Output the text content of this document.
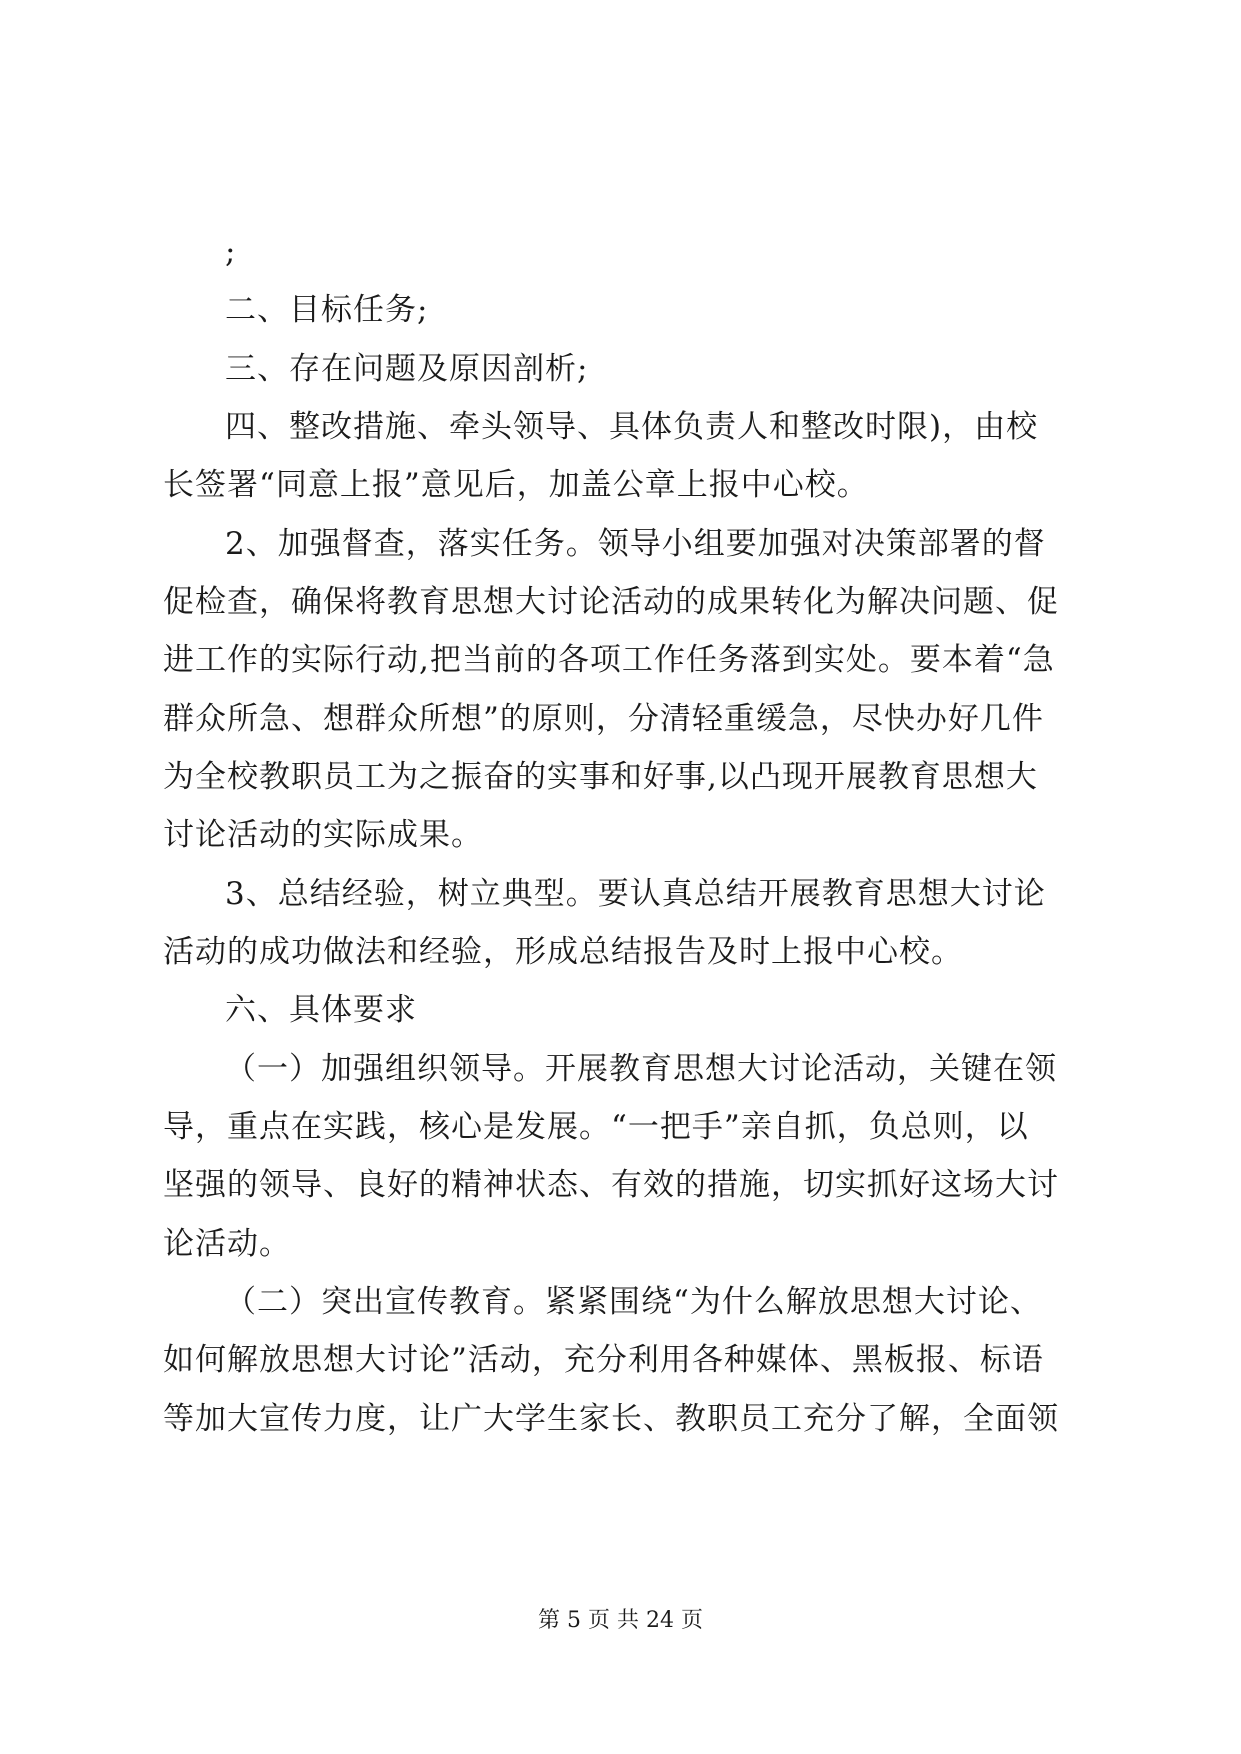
;
二、目标任务;
三、存在问题及原因剖析;
四、整改措施、牵头领导、具体负责人和整改时限)，由校
长签署“同意上报”意见后，加盖公章上报中心校。
2、加强督查，落实任务。领导小组要加强对决策部署的督
促检查，确保将教育思想大讨论活动的成果转化为解决问题、促
进工作的实际行动,把当前的各项工作任务落到实处。要本着“急
群众所急、想群众所想”的原则，分清轻重缓急，尽快办好几件
为全校教职员工为之振奋的实事和好事,以凸现开展教育思想大
讨论活动的实际成果。
3、总结经验，树立典型。要认真总结开展教育思想大讨论
活动的成功做法和经验，形成总结报告及时上报中心校。
六、具体要求
（一）加强组织领导。开展教育思想大讨论活动，关键在领
导，重点在实践，核心是发展。“一把手”亲自抓，负总则，以
坚强的领导、良好的精神状态、有效的措施，切实抓好这场大讨
论活动。
（二）突出宣传教育。紧紧围绕“为什么解放思想大讨论、
如何解放思想大讨论”活动，充分利用各种媒体、黑板报、标语
等加大宣传力度，让广大学生家长、教职员工充分了解，全面领
第 5 页 共 24 页
